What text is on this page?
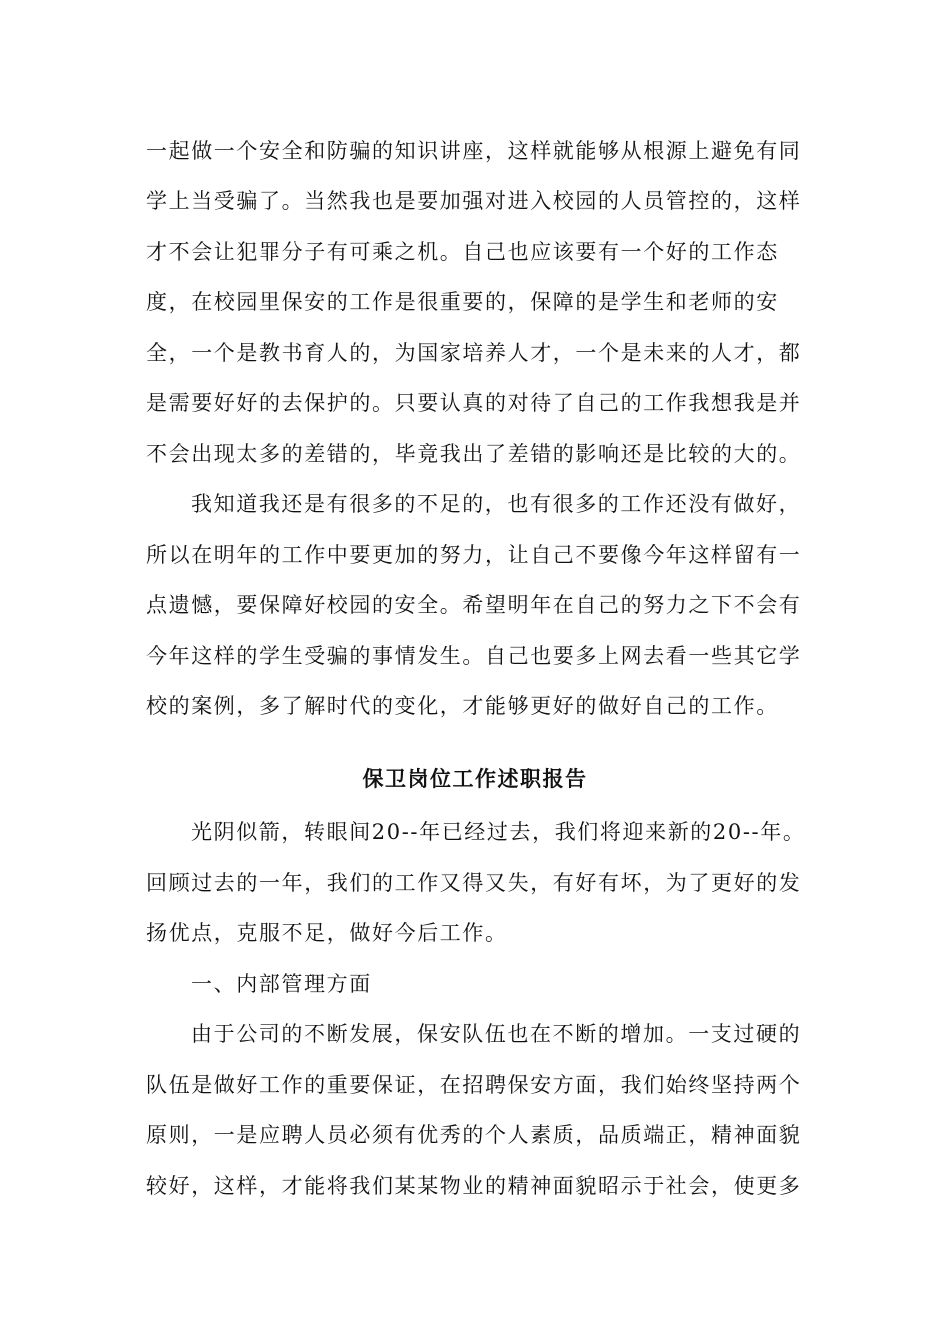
一起做一个安全和防骗的知识讲座，这样就能够从根源上避免有同
学上当受骗了。当然我也是要加强对进入校园的人员管控的，这样
才不会让犯罪分子有可乘之机。自己也应该要有一个好的工作态
度，在校园里保安的工作是很重要的，保障的是学生和老师的安
全，一个是教书育人的，为国家培养人才，一个是未来的人才，都
是需要好好的去保护的。只要认真的对待了自己的工作我想我是并
不会出现太多的差错的，毕竟我出了差错的影响还是比较的大的。
我知道我还是有很多的不足的，也有很多的工作还没有做好，
所以在明年的工作中要更加的努力，让自己不要像今年这样留有一
点遗憾，要保障好校园的安全。希望明年在自己的努力之下不会有
今年这样的学生受骗的事情发生。自己也要多上网去看一些其它学
校的案例，多了解时代的变化，才能够更好的做好自己的工作。
保卫岗位工作述职报告
光阴似箭，转眼间20--年已经过去，我们将迎来新的20--年。
回顾过去的一年，我们的工作又得又失，有好有坏，为了更好的发
扬优点，克服不足，做好今后工作。
一、内部管理方面
由于公司的不断发展，保安队伍也在不断的增加。一支过硬的
队伍是做好工作的重要保证，在招聘保安方面，我们始终坚持两个
原则，一是应聘人员必须有优秀的个人素质，品质端正，精神面貌
较好，这样，才能将我们某某物业的精神面貌昭示于社会，使更多
